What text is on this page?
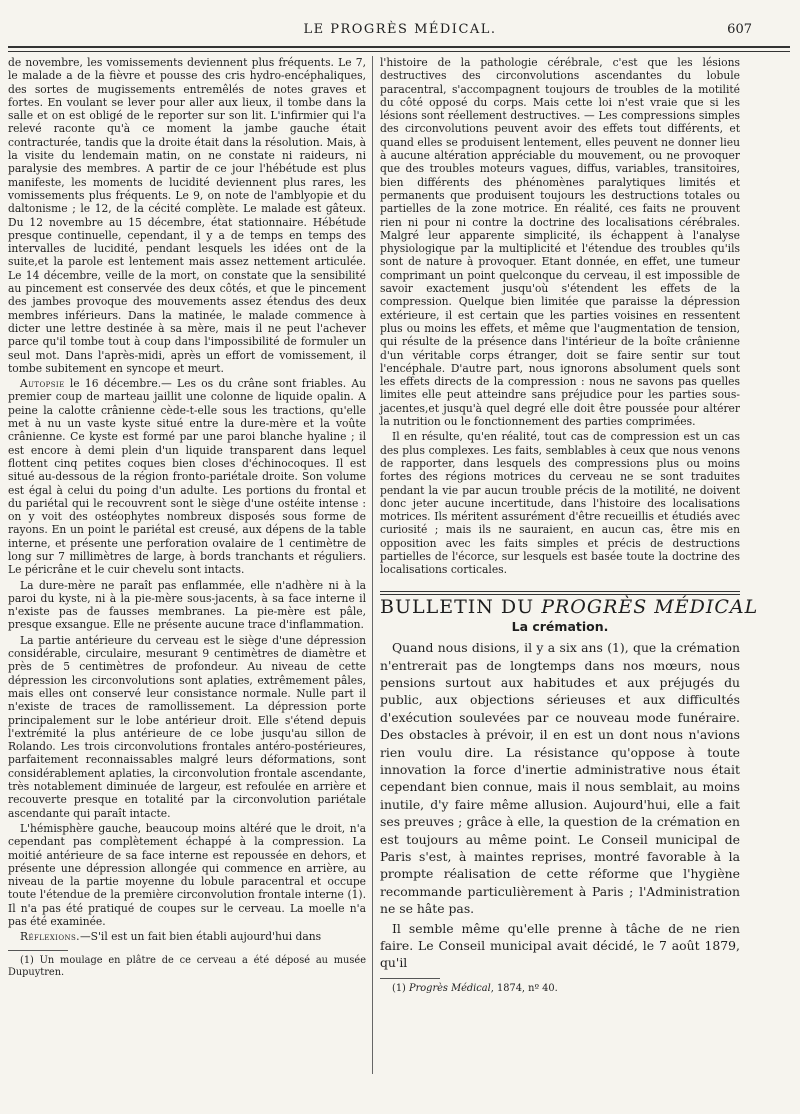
LE PROGRÈS MÉDICAL.	607

de novembre, les vomissements deviennent plus fréquents. Le 7, le malade a de la fièvre et pousse des cris hydro-encéphaliques, des sortes de mugissements entremêlés de notes graves et fortes. En voulant se lever pour aller aux lieux, il tombe dans la salle et on est obligé de le reporter sur son lit. L'infirmier qui l'a relevé raconte qu'à ce moment la jambe gauche était contracturée, tandis que la droite était dans la résolution. Mais, à la visite du lendemain matin, on ne constate ni raideurs, ni paralysie des membres. A partir de ce jour l'hébétude est plus manifeste, les moments de lucidité deviennent plus rares, les vomissements plus fréquents. Le 9, on note de l'amblyopie et du daltonisme ; le 12, de la cécité complète. Le malade est gâteux. Du 12 novembre au 15 décembre, état stationnaire. Hébétude presque continuelle, cependant, il y a de temps en temps des intervalles de lucidité, pendant lesquels les idées ont de la suite,et la parole est lentement mais assez nettement articulée. Le 14 décembre, veille de la mort, on constate que la sensibilité au pincement est conservée des deux côtés, et que le pincement des jambes provoque des mouvements assez étendus des deux membres inférieurs. Dans la matinée, le malade commence à dicter une lettre destinée à sa mère, mais il ne peut l'achever parce qu'il tombe tout à coup dans l'impossibilité de formuler un seul mot. Dans l'après-midi, après un effort de vomissement, il tombe subitement en syncope et meurt.

Autopsie le 16 décembre.— Les os du crâne sont friables. Au premier coup de marteau jaillit une colonne de liquide opalin. A peine la calotte crânienne cède-t-elle sous les tractions, qu'elle met à nu un vaste kyste situé entre la dure-mère et la voûte crânienne. Ce kyste est formé par une paroi blanche hyaline ; il est encore à demi plein d'un liquide transparent dans lequel flottent cinq petites coques bien closes d'échinocoques. Il est situé au-dessous de la région fronto-pariétale droite. Son volume est égal à celui du poing d'un adulte. Les portions du frontal et du pariétal qui le recouvrent sont le siège d'une ostéite intense : on y voit des ostéophytes nombreux disposés sous forme de rayons. En un point le pariétal est creusé, aux dépens de la table interne, et présente une perforation ovalaire de 1 centimètre de long sur 7 millimètres de large, à bords tranchants et réguliers. Le péricrâne et le cuir chevelu sont intacts.

La dure-mère ne paraît pas enflammée, elle n'adhère ni à la paroi du kyste, ni à la pie-mère sous-jacents, à sa face interne il n'existe pas de fausses membranes. La pie-mère est pâle, presque exsangue. Elle ne présente aucune trace d'inflammation.

La partie antérieure du cerveau est le siège d'une dépression considérable, circulaire, mesurant 9 centimètres de diamètre et près de 5 centimètres de profondeur. Au niveau de cette dépression les circonvolutions sont aplaties, extrêmement pâles, mais elles ont conservé leur consistance normale. Nulle part il n'existe de traces de ramollissement. La dépression porte principalement sur le lobe antérieur droit. Elle s'étend depuis l'extrémité la plus antérieure de ce lobe jusqu'au sillon de Rolando. Les trois circonvolutions frontales antéro-postérieures, parfaitement reconnaissables malgré leurs déformations, sont considérablement aplaties, la circonvolution frontale ascendante, très notablement diminuée de largeur, est refoulée en arrière et recouverte presque en totalité par la circonvolution pariétale ascendante qui paraît intacte.

L'hémisphère gauche, beaucoup moins altéré que le droit, n'a cependant pas complètement échappé à la compression. La moitié antérieure de sa face interne est repoussée en dehors, et présente une dépression allongée qui commence en arrière, au niveau de la partie moyenne du lobule paracentral et occupe toute l'étendue de la première circonvolution frontale interne (1). Il n'a pas été pratiqué de coupes sur le cerveau. La moelle n'a pas été examinée.

Réflexions.—S'il est un fait bien établi aujourd'hui dans

(1) Un moulage en plâtre de ce cerveau a été déposé au musée Dupuytren.

l'histoire de la pathologie cérébrale, c'est que les lésions destructives des circonvolutions ascendantes du lobule paracentral, s'accompagnent toujours de troubles de la motilité du côté opposé du corps. Mais cette loi n'est vraie que si les lésions sont réellement destructives. — Les compressions simples des circonvolutions peuvent avoir des effets tout différents, et quand elles se produisent lentement, elles peuvent ne donner lieu à aucune altération appréciable du mouvement, ou ne provoquer que des troubles moteurs vagues, diffus, variables, transitoires, bien différents des phénomènes paralytiques limités et permanents que produisent toujours les destructions totales ou partielles de la zone motrice. En réalité, ces faits ne prouvent rien ni pour ni contre la doctrine des localisations cérébrales. Malgré leur apparente simplicité, ils échappent à l'analyse physiologique par la multiplicité et l'étendue des troubles qu'ils sont de nature à provoquer. Etant donnée, en effet, une tumeur comprimant un point quelconque du cerveau, il est impossible de savoir exactement jusqu'où s'étendent les effets de la compression. Quelque bien limitée que paraisse la dépression extérieure, il est certain que les parties voisines en ressentent plus ou moins les effets, et même que l'augmentation de tension, qui résulte de la présence dans l'intérieur de la boîte crânienne d'un véritable corps étranger, doit se faire sentir sur tout l'encéphale. D'autre part, nous ignorons absolument quels sont les effets directs de la compression : nous ne savons pas quelles limites elle peut atteindre sans préjudice pour les parties sous-jacentes,et jusqu'à quel degré elle doit être poussée pour altérer la nutrition ou le fonctionnement des parties comprimées.

Il en résulte, qu'en réalité, tout cas de compression est un cas des plus complexes. Les faits, semblables à ceux que nous venons de rapporter, dans lesquels des compressions plus ou moins fortes des régions motrices du cerveau ne se sont traduites pendant la vie par aucun trouble précis de la motilité, ne doivent donc jeter aucune incertitude, dans l'histoire des localisations motrices. Ils méritent assurément d'être recueillis et étudiés avec curiosité ; mais ils ne sauraient, en aucun cas, être mis en opposition avec les faits simples et précis de destructions partielles de l'écorce, sur lesquels est basée toute la doctrine des localisations corticales.

BULLETIN DU PROGRÈS MÉDICAL
La crémation.

Quand nous disions, il y a six ans (1), que la crémation n'entrerait pas de longtemps dans nos mœurs, nous pensions surtout aux habitudes et aux préjugés du public, aux objections sérieuses et aux difficultés d'exécution soulevées par ce nouveau mode funéraire. Des obstacles à prévoir, il en est un dont nous n'avions rien voulu dire. La résistance qu'oppose à toute innovation la force d'inertie administrative nous était cependant bien connue, mais il nous semblait, au moins inutile, d'y faire même allusion. Aujourd'hui, elle a fait ses preuves ; grâce à elle, la question de la crémation en est toujours au même point. Le Conseil municipal de Paris s'est, à maintes reprises, montré favorable à la prompte réalisation de cette réforme que l'hygiène recommande particulièrement à Paris ; l'Administration ne se hâte pas.

Il semble même qu'elle prenne à tâche de ne rien faire. Le Conseil municipal avait décidé, le 7 août 1879, qu'il

(1) Progrès Médical, 1874, nº 40.
